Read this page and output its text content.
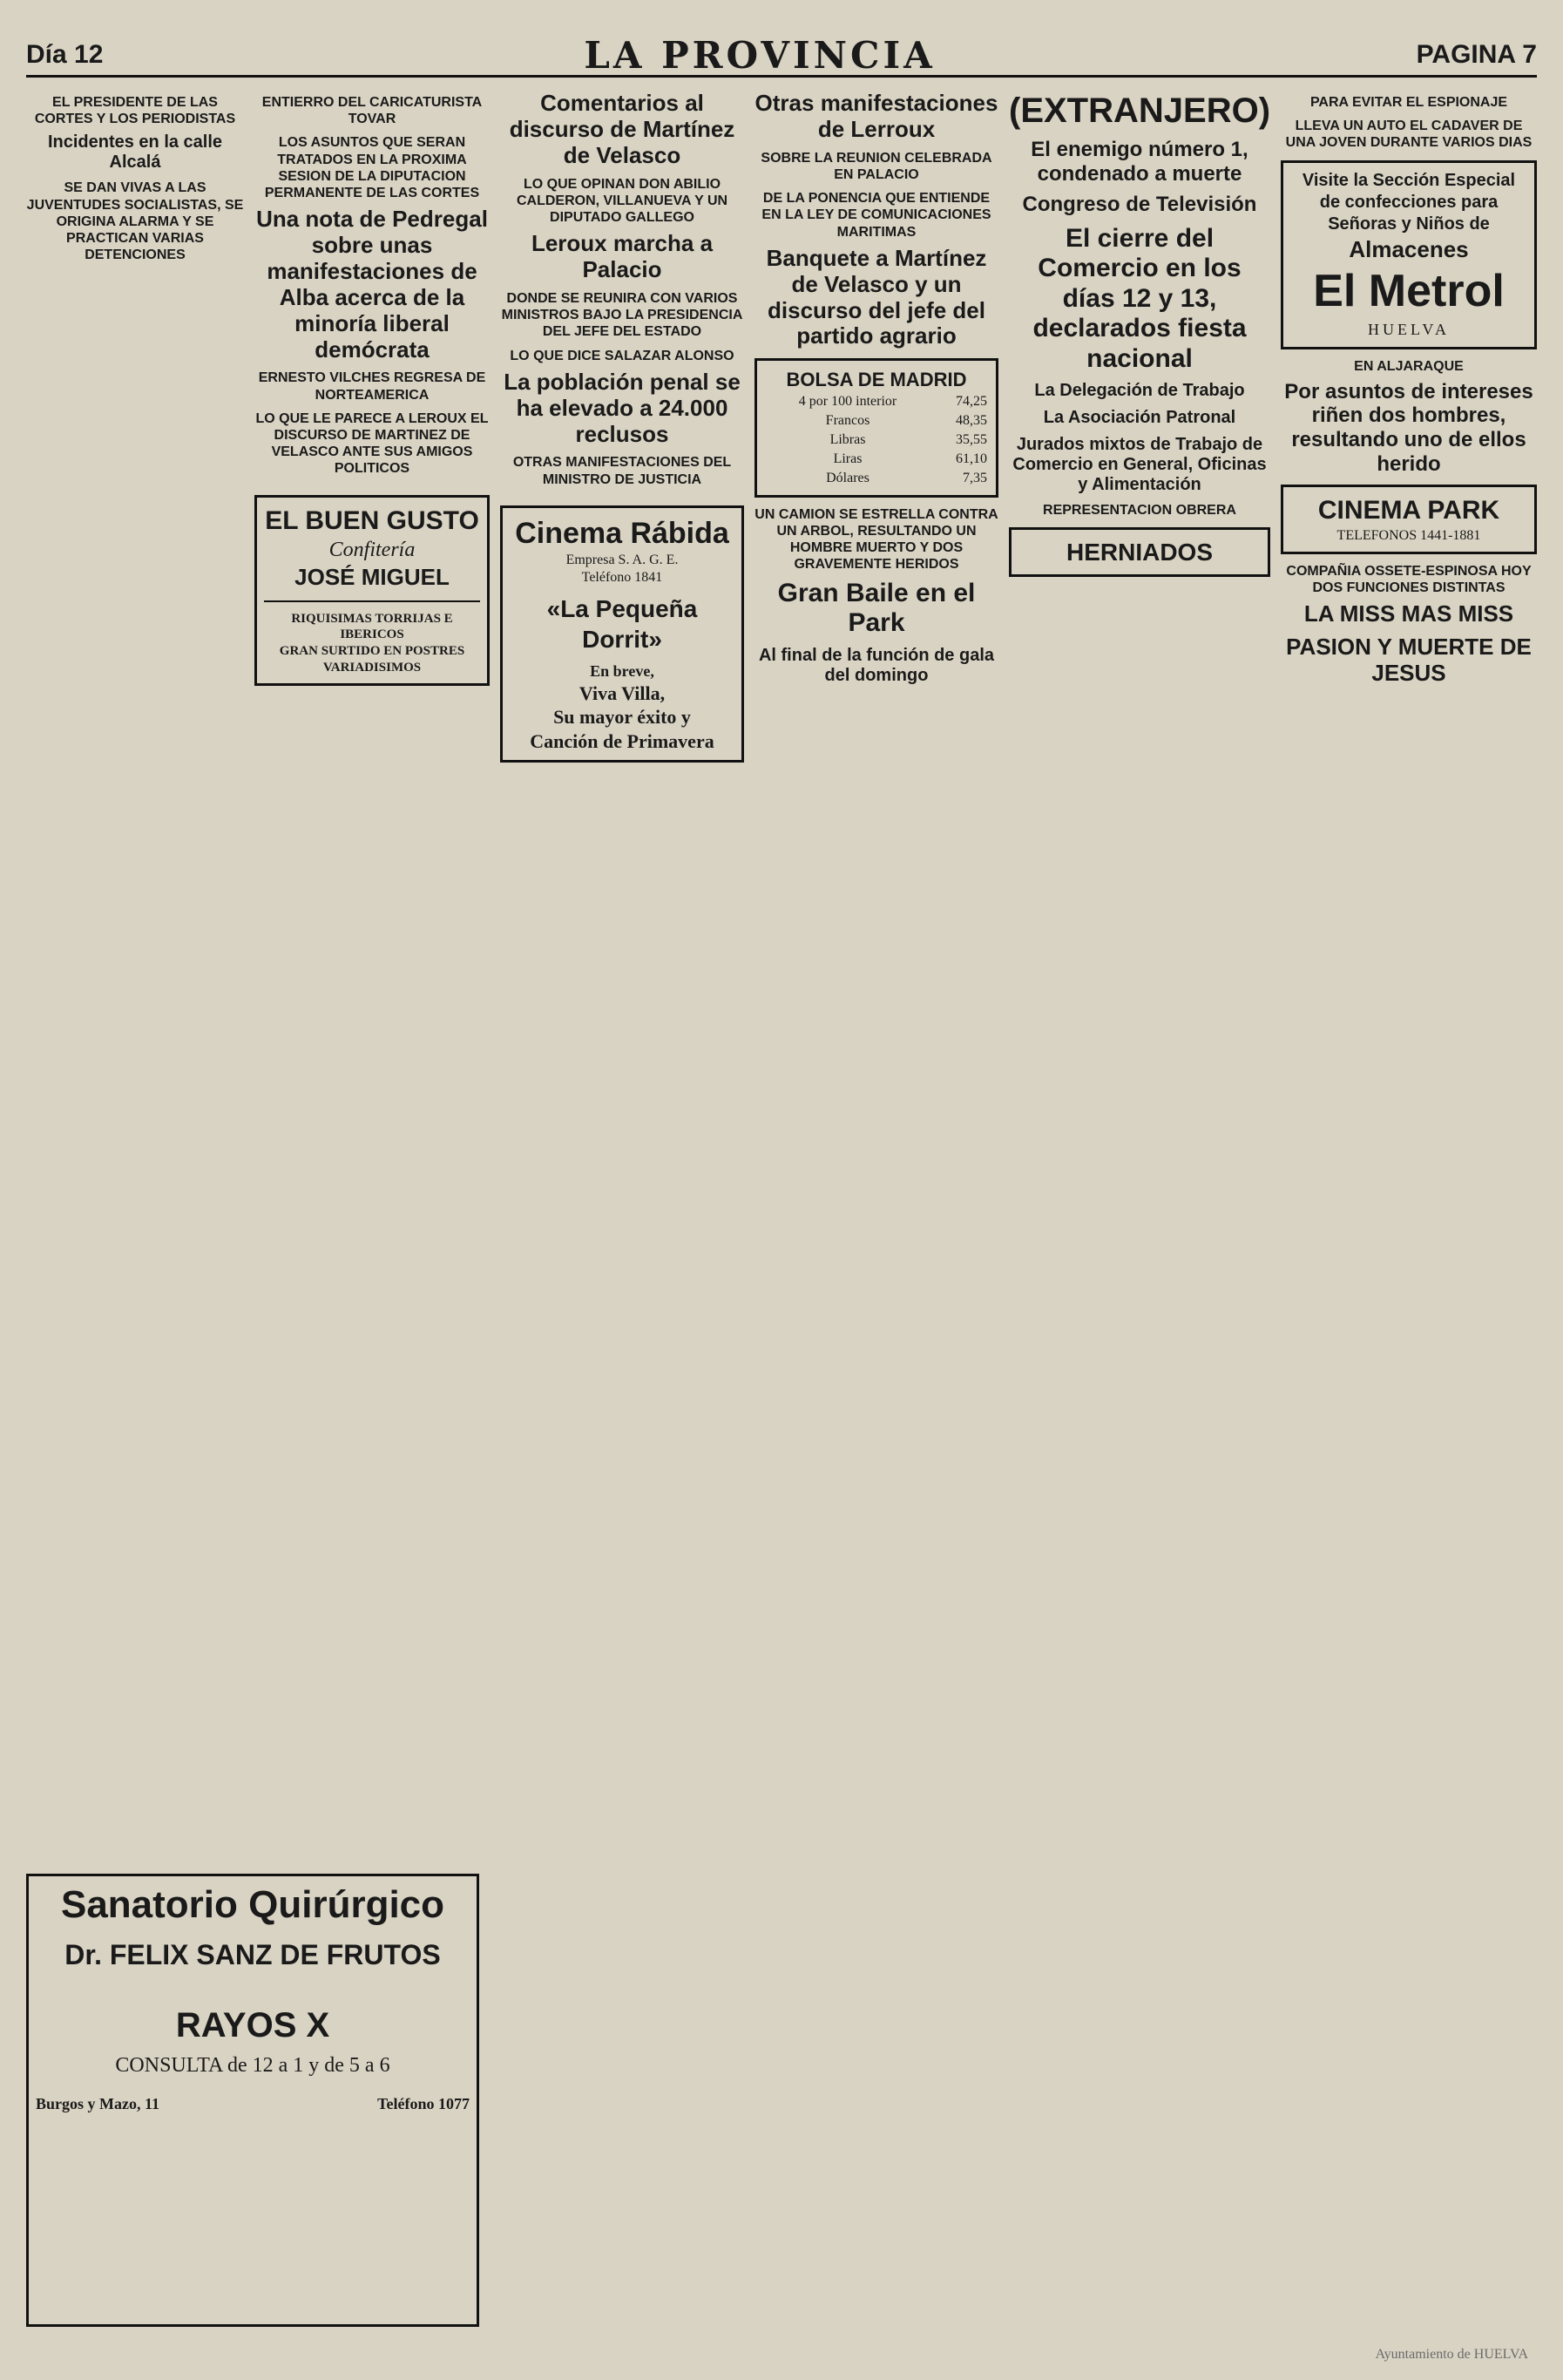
Día 12	LA PROVINCIA	PAGINA 7
EL PRESIDENTE DE LAS CORTES Y LOS PERIODISTAS
Incidentes en la calle Alcalá
SE DAN VIVAS A LAS JUVENTUDES SOCIALISTAS, SE ORIGINA ALARMA Y SE PRACTICAN VARIAS DETENCIONES
ENTIERRO DEL CARICATURISTA TOVAR
LOS ASUNTOS QUE SERAN TRATADOS EN LA PROXIMA SESION DE LA DIPUTACION PERMANENTE DE LAS CORTES
Una nota de Pedregal sobre unas manifestaciones de Alba acerca de la minoría liberal demócrata
ERNESTO VILCHES REGRESA DE NORTEAMERICA
LO QUE LE PARECE A LEROUX EL DISCURSO DE MARTINEZ DE VELASCO ANTE SUS AMIGOS POLITICOS
EL BUEN GUSTO
Confitería
JOSÉ MIGUEL
RIQUISIMAS TORRIJAS E IBERICOS
GRAN SURTIDO EN POSTRES VARIADISIMOS
Comentarios al discurso de Martínez de Velasco
LO QUE OPINAN DON ABILIO CALDERON, VILLANUEVA Y UN DIPUTADO GALLEGO
Leroux marcha a Palacio
DONDE SE REUNIRA CON VARIOS MINISTROS BAJO LA PRESIDENCIA DEL JEFE DEL ESTADO
LO QUE DICE SALAZAR ALONSO
La población penal se ha elevado a 24.000 reclusos
OTRAS MANIFESTACIONES DEL MINISTRO DE JUSTICIA
Cinema Rábida
Empresa S. A. G. E.
Teléfono 1841
«La Pequeña Dorrit»
En breve,
Viva Villa,
Su mayor éxito y
Canción de Primavera
Otras manifestaciones de Lerroux
SOBRE LA REUNION CELEBRADA EN PALACIO
DE LA PONENCIA QUE ENTIENDE EN LA LEY DE COMUNICACIONES MARITIMAS
Banquete a Martínez de Velasco y un discurso del jefe del partido agrario
BOLSA DE MADRID
4 por 100 interior	74,25
Francos	48,35
Libras	35,55
Liras	61,10
Dólares	7,35
UN CAMION SE ESTRELLA CONTRA UN ARBOL, RESULTANDO UN HOMBRE MUERTO Y DOS GRAVEMENTE HERIDOS
Gran Baile en el Park
Al final de la función de gala del domingo
(EXTRANJERO)
El enemigo número 1, condenado a muerte
Congreso de Televisión
El cierre del Comercio en los días 12 y 13, declarados fiesta nacional
La Delegación de Trabajo
La Asociación Patronal
Jurados mixtos de Trabajo de Comercio en General, Oficinas y Alimentación
REPRESENTACION OBRERA
HERNIADOS
PARA EVITAR EL ESPIONAJE
LLEVA UN AUTO EL CADAVER DE UNA JOVEN DURANTE VARIOS DIAS
Visite la Sección Especial de confecciones para Señoras y Niños de
Almacenes
El Metrol
HUELVA
EN ALJARAQUE
Por asuntos de intereses riñen dos hombres, resultando uno de ellos herido
CINEMA PARK
TELEFONOS 1441-1881
COMPAÑIA OSSETE-ESPINOSA HOY DOS FUNCIONES DISTINTAS
LA MISS MAS MISS
PASION Y MUERTE DE JESUS
Sanatorio Quirúrgico
Dr. FELIX SANZ DE FRUTOS
RAYOS X
CONSULTA de 12 a 1 y de 5 a 6
Burgos y Mazo, 11	Teléfono 1077
Ayuntamiento de HUELVA
